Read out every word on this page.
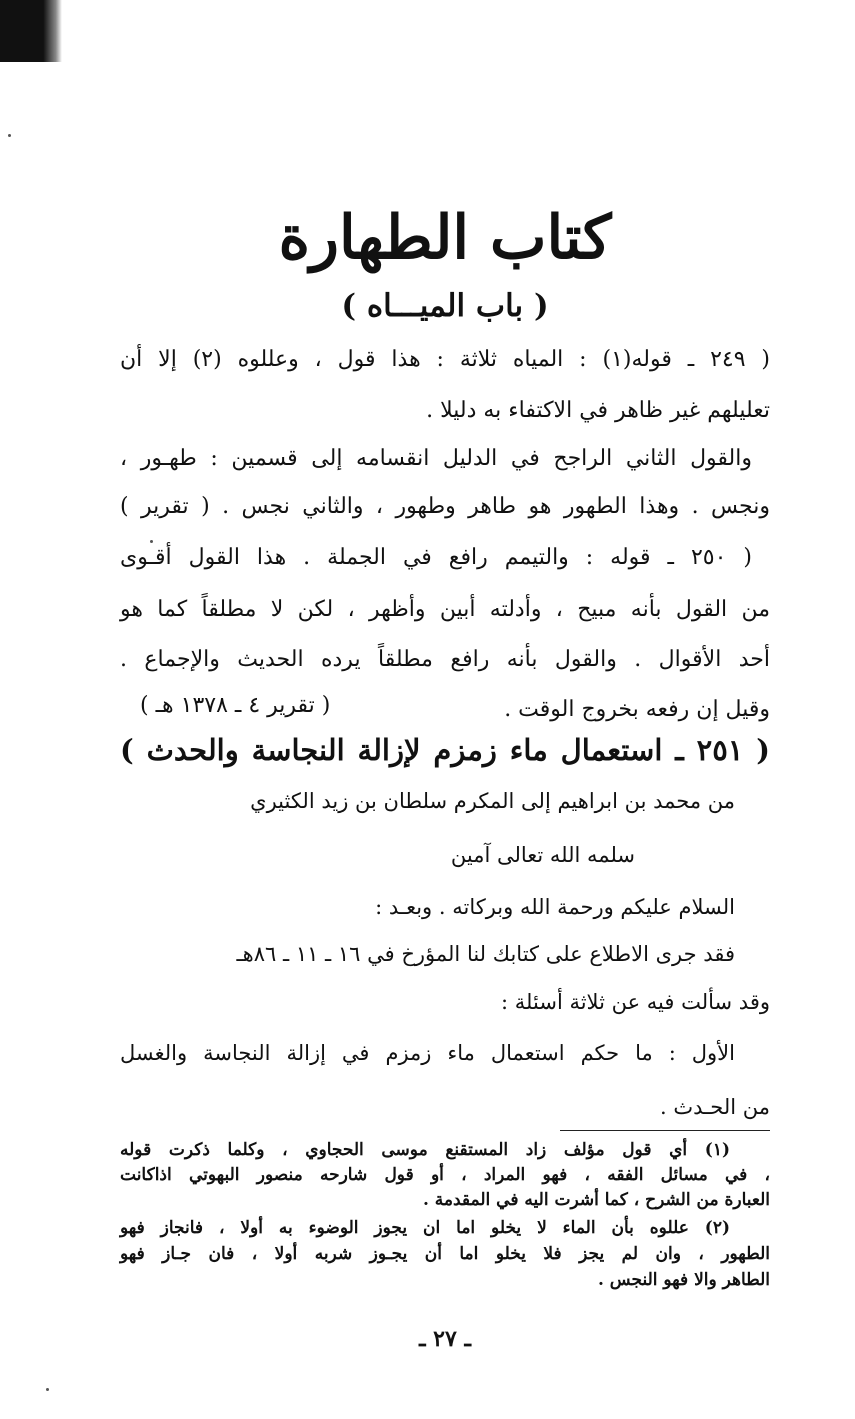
كتاب الطهارة
( باب الميـــاه )
( ٢٤٩ ـ قوله(١) : المياه ثلاثة : هذا قول ، وعللوه (٢) إلا أن
تعليلهم غير ظاهر في الاكتفاء به دليلا .
والقول الثاني الراجح في الدليل انقسامه إلى قسمين : طهـور ،
ونجس . وهذا الطهور هو طاهر وطهور ، والثاني نجس . ( تقرير )
( ٢٥٠ ـ قوله : والتيمم رافع في الجملة . هذا القول أقـوى
من القول بأنه مبيح ، وأدلته أبين وأظهر ، لكن لا مطلقاً كما هو
أحد الأقوال . والقول بأنه رافع مطلقاً يرده الحديث والإجماع .
وقيل إن رفعه بخروج الوقت .
( تقرير ٤ ـ ١٣٧٨ هـ )
( ٢٥١ ـ استعمال ماء زمزم لإزالة النجاسة والحدث )
من محمد بن ابراهيم إلى المكرم سلطان بن زيد الكثيري
سلمه الله تعالى آمين
السلام عليكم ورحمة الله وبركاته . وبعـد :
فقد جرى الاطلاع على كتابك لنا المؤرخ في ١٦ ـ ١١ ـ ٨٦هـ
وقد سألت فيه عن ثلاثة أسئلة :
الأول : ما حكم استعمال ماء زمزم في إزالة النجاسة والغسل
من الحـدث .
(١) أي قول مؤلف زاد المستقنع موسى الحجاوي ، وكلما ذكرت قوله
، في مسائل الفقه ، فهو المراد ، أو قول شارحه منصور البهوتي اذاكانت
العبارة من الشرح ، كما أشرت اليه في المقدمة .
(٢) عللوه بأن الماء لا يخلو اما ان يجوز الوضوء به أولا ، فانجاز فهو
الطهور ، وان لم يجز فلا يخلو اما أن يجـوز شربه أولا ، فان جـاز فهو
الطاهر والا فهو النجس .
ـ ٢٧ ـ
